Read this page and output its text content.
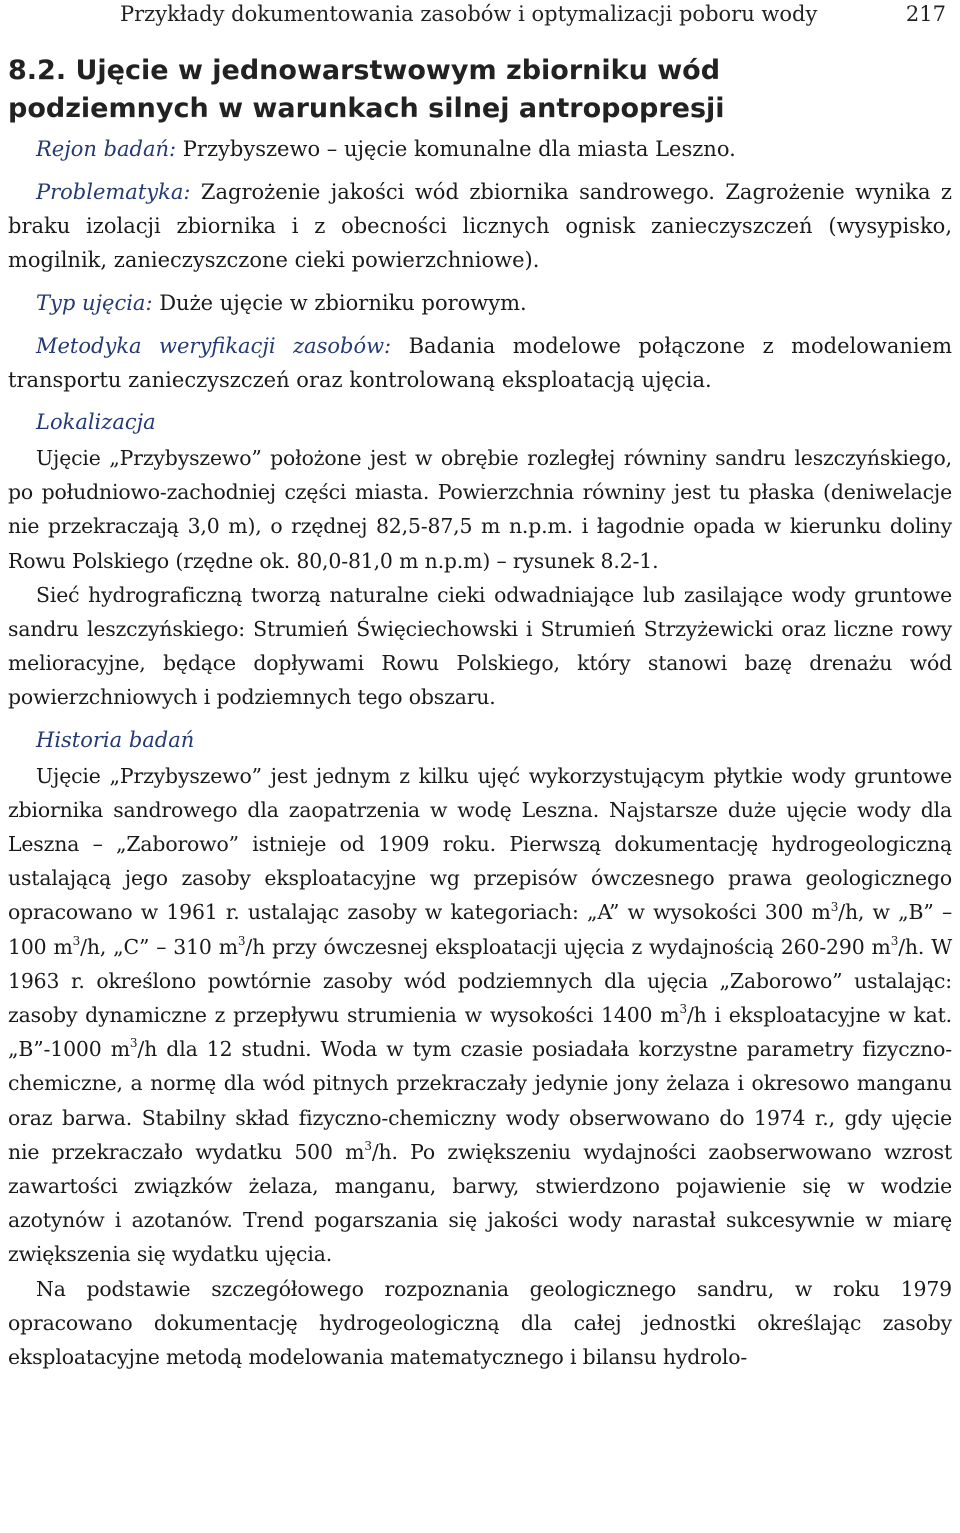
Przykłady dokumentowania zasobów i optymalizacji poboru wody	217
8.2. Ujęcie w jednowarstwowym zbiorniku wód
podziemnych w warunkach silnej antropopresji

Rejon badań: Przybyszewo – ujęcie komunalne dla miasta Leszno.

Problematyka: Zagrożenie jakości wód zbiornika sandrowego. Zagrożenie wynika z braku izolacji zbiornika i z obecności licznych ognisk zanieczyszczeń (wysypisko, mogilnik, zanieczyszczone cieki powierzchniowe).

Typ ujęcia: Duże ujęcie w zbiorniku porowym.

Metodyka weryfikacji zasobów: Badania modelowe połączone z modelowaniem transportu zanieczyszczeń oraz kontrolowaną eksploatacją ujęcia.

Lokalizacja

Ujęcie „Przybyszewo” położone jest w obrębie rozległej równiny sandru leszczyńskiego, po południowo-zachodniej części miasta. Powierzchnia równiny jest tu płaska (deniwelacje nie przekraczają 3,0 m), o rzędnej 82,5-87,5 m n.p.m. i łagodnie opada w kierunku doliny Rowu Polskiego (rzędne ok. 80,0-81,0 m n.p.m) – rysunek 8.2-1.

Sieć hydrograficzną tworzą naturalne cieki odwadniające lub zasilające wody gruntowe sandru leszczyńskiego: Strumień Święciechowski i Strumień Strzyżewicki oraz liczne rowy melioracyjne, będące dopływami Rowu Polskiego, który stanowi bazę drenażu wód powierzchniowych i podziemnych tego obszaru.

Historia badań

Ujęcie „Przybyszewo” jest jednym z kilku ujęć wykorzystującym płytkie wody gruntowe zbiornika sandrowego dla zaopatrzenia w wodę Leszna. Najstarsze duże ujęcie wody dla Leszna – „Zaborowo” istnieje od 1909 roku. Pierwszą dokumentację hydrogeologiczną ustalającą jego zasoby eksploatacyjne wg przepisów ówczesnego prawa geologicznego opracowano w 1961 r. ustalając zasoby w kategoriach: „A” w wysokości 300 $m^3/h$, w „B” – 100 $m^3/h$, „C” – 310 $m^3/h$ przy ówczesnej eksploatacji ujęcia z wydajnością 260-290 $m^3/h$. W 1963 r. określono powtórnie zasoby wód podziemnych dla ujęcia „Zaborowo” ustalając: zasoby dynamiczne z przepływu strumienia w wysokości 1400 $m^3/h$ i eksploatacyjne w kat. „B”-1000 $m^3/h$ dla 12 studni. Woda w tym czasie posiadała korzystne parametry fizyczno-chemiczne, a normę dla wód pitnych przekraczały jedynie jony żelaza i okresowo manganu oraz barwa. Stabilny skład fizyczno-chemiczny wody obserwowano do 1974 r., gdy ujęcie nie przekraczało wydatku 500 $m^3/h$. Po zwiększeniu wydajności zaobserwowano wzrost zawartości związków żelaza, manganu, barwy, stwierdzono pojawienie się w wodzie azotynów i azotanów. Trend pogarszania się jakości wody narastał sukcesywnie w miarę zwiększenia się wydatku ujęcia.

Na podstawie szczegółowego rozpoznania geologicznego sandru, w roku 1979 opracowano dokumentację hydrogeologiczną dla całej jednostki określając zasoby eksploatacyjne metodą modelowania matematycznego i bilansu hydrolo-
